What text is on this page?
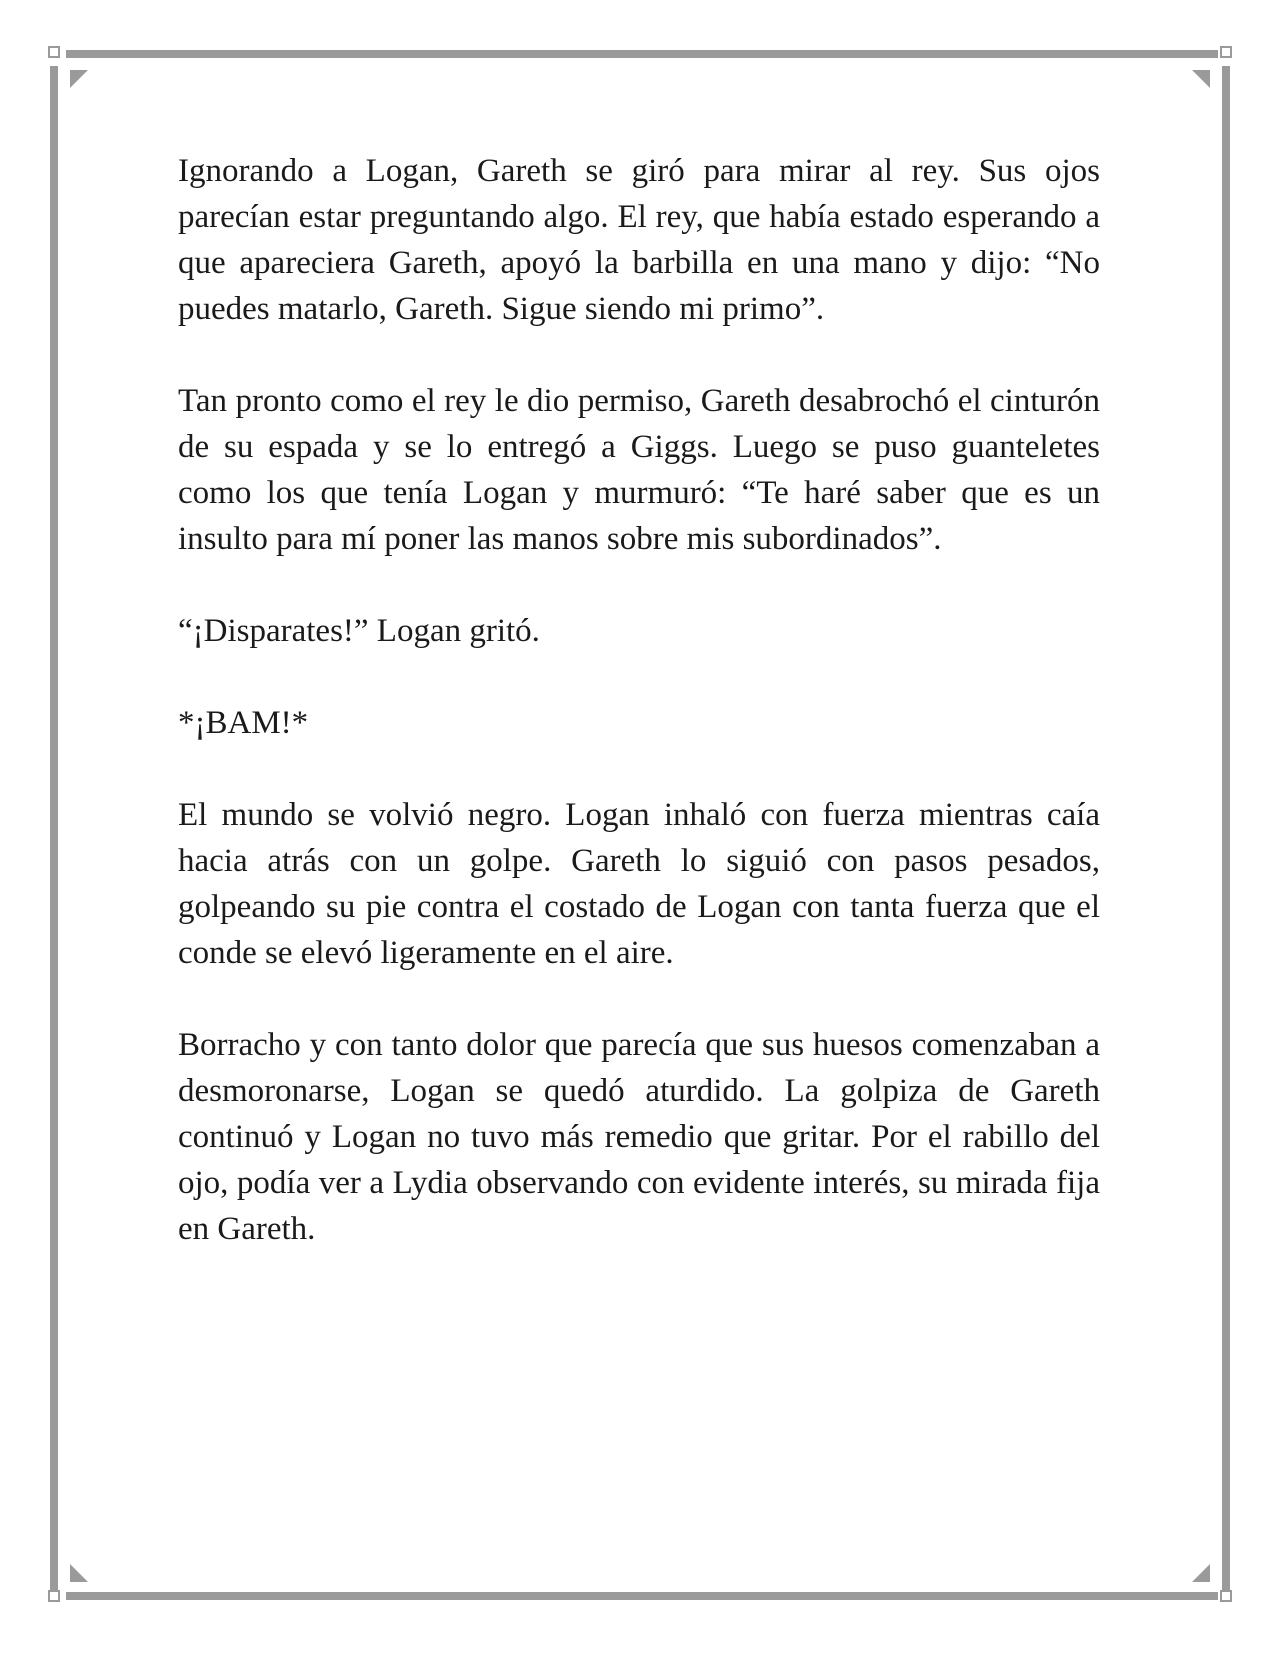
Ignorando a Logan, Gareth se giró para mirar al rey. Sus ojos parecían estar preguntando algo. El rey, que había estado esperando a que apareciera Gareth, apoyó la barbilla en una mano y dijo: “No puedes matarlo, Gareth. Sigue siendo mi primo”.

Tan pronto como el rey le dio permiso, Gareth desabrochó el cinturón de su espada y se lo entregó a Giggs. Luego se puso guanteletes como los que tenía Logan y murmuró: “Te haré saber que es un insulto para mí poner las manos sobre mis subordinados”.

“¡Disparates!” Logan gritó.

*¡BAM!*

El mundo se volvió negro. Logan inhaló con fuerza mientras caía hacia atrás con un golpe. Gareth lo siguió con pasos pesados, golpeando su pie contra el costado de Logan con tanta fuerza que el conde se elevó ligeramente en el aire.

Borracho y con tanto dolor que parecía que sus huesos comenzaban a desmoronarse, Logan se quedó aturdido. La golpiza de Gareth continuó y Logan no tuvo más remedio que gritar. Por el rabillo del ojo, podía ver a Lydia observando con evidente interés, su mirada fija en Gareth.
